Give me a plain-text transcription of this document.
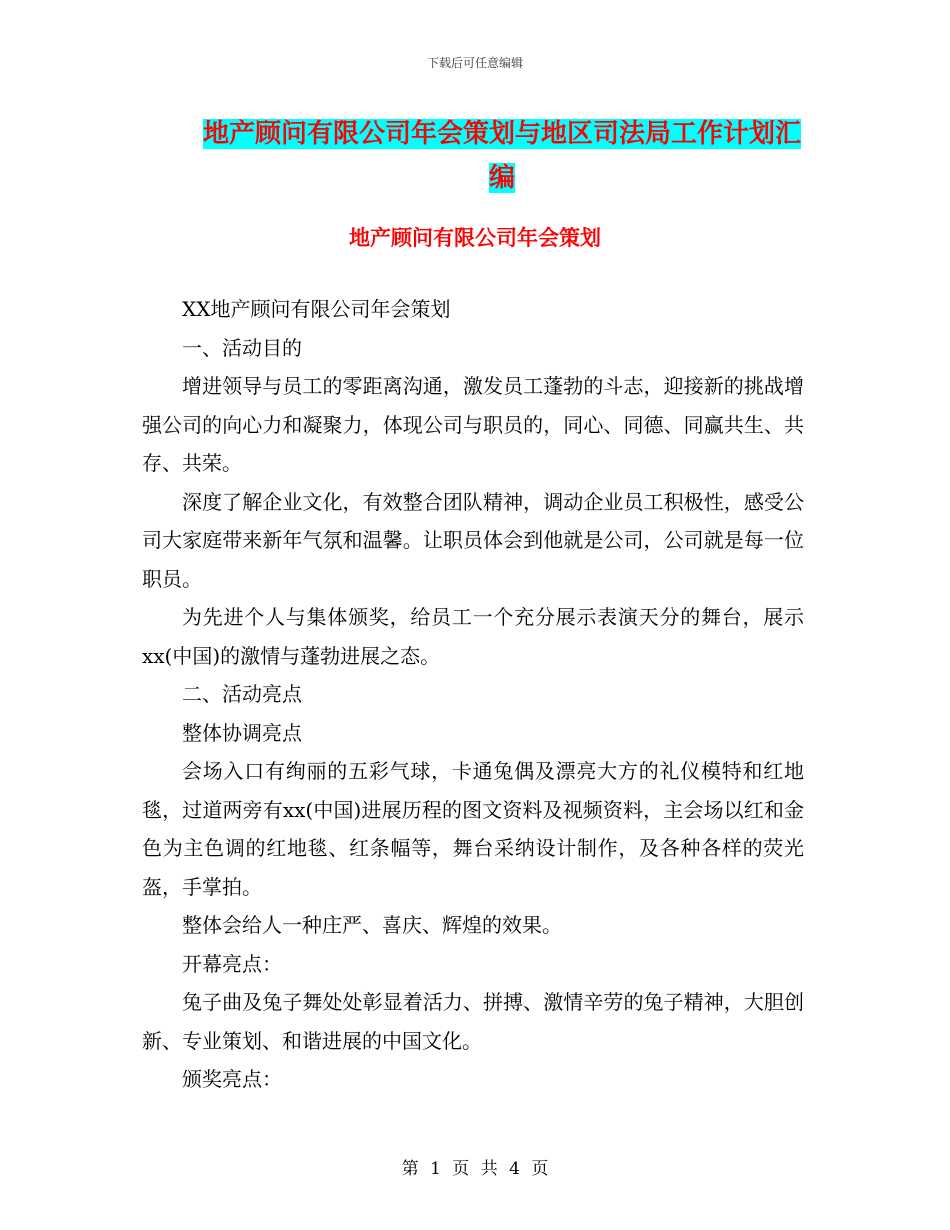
下载后可任意编辑
地产顾问有限公司年会策划与地区司法局工作计划汇编
地产顾问有限公司年会策划

XX地产顾问有限公司年会策划

一、活动目的

增进领导与员工的零距离沟通，激发员工蓬勃的斗志，迎接新的挑战增强公司的向心力和凝聚力，体现公司与职员的，同心、同德、同赢共生、共存、共荣。

深度了解企业文化，有效整合团队精神，调动企业员工积极性，感受公司大家庭带来新年气氛和温馨。让职员体会到他就是公司，公司就是每一位职员。

为先进个人与集体颁奖，给员工一个充分展示表演天分的舞台，展示xx(中国)的激情与蓬勃进展之态。

二、活动亮点

整体协调亮点

会场入口有绚丽的五彩气球，卡通兔偶及漂亮大方的礼仪模特和红地毯，过道两旁有xx(中国)进展历程的图文资料及视频资料，主会场以红和金色为主色调的红地毯、红条幅等，舞台采纳设计制作，及各种各样的荧光盔，手掌拍。

整体会给人一种庄严、喜庆、辉煌的效果。

开幕亮点：

兔子曲及兔子舞处处彰显着活力、拼搏、激情辛劳的兔子精神，大胆创新、专业策划、和谐进展的中国文化。

颁奖亮点：

第 1 页 共 4 页
